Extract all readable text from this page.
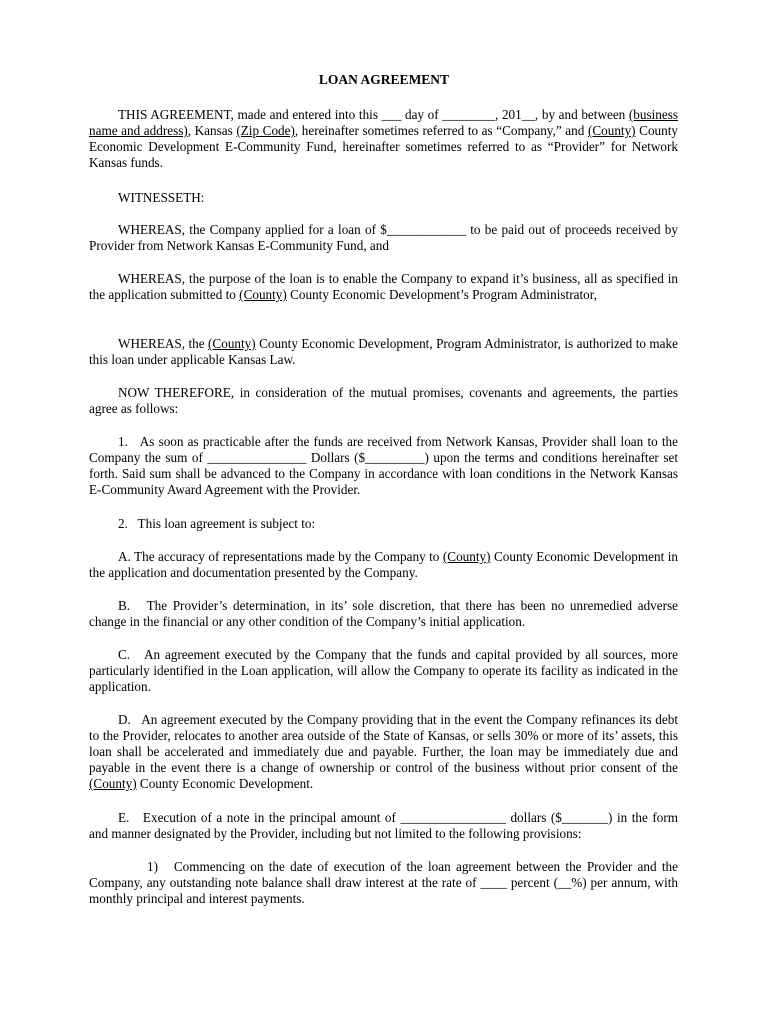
LOAN AGREEMENT
THIS AGREEMENT, made and entered into this ___ day of ________, 201__, by and between (business name and address), Kansas (Zip Code), hereinafter sometimes referred to as “Company,” and (County) County Economic Development E-Community Fund, hereinafter sometimes referred to as “Provider” for Network Kansas funds.
WITNESSETH:
WHEREAS, the Company applied for a loan of $____________ to be paid out of proceeds received by Provider from Network Kansas E-Community Fund, and
WHEREAS, the purpose of the loan is to enable the Company to expand it’s business, all as specified in the application submitted to (County) County Economic Development’s Program Administrator,
WHEREAS, the (County) County Economic Development, Program Administrator, is authorized to make this loan under applicable Kansas Law.
NOW THEREFORE, in consideration of the mutual promises, covenants and agreements, the parties agree as follows:
1.   As soon as practicable after the funds are received from Network Kansas, Provider shall loan to the Company the sum of _______________ Dollars ($_________) upon the terms and conditions hereinafter set forth. Said sum shall be advanced to the Company in accordance with loan conditions in the Network Kansas E-Community Award Agreement with the Provider.
2.   This loan agreement is subject to:
A. The accuracy of representations made by the Company to (County) County Economic Development in the application and documentation presented by the Company.
B.   The Provider’s determination, in its’ sole discretion, that there has been no unremedied adverse change in the financial or any other condition of the Company’s initial application.
C.   An agreement executed by the Company that the funds and capital provided by all sources, more particularly identified in the Loan application, will allow the Company to operate its facility as indicated in the application.
D.   An agreement executed by the Company providing that in the event the Company refinances its debt to the Provider, relocates to another area outside of the State of Kansas, or sells 30% or more of its’ assets, this loan shall be accelerated and immediately due and payable. Further, the loan may be immediately due and payable in the event there is a change of ownership or control of the business without prior consent of the (County) County Economic Development.
E.   Execution of a note in the principal amount of ________________ dollars ($_______) in the form and manner designated by the Provider, including but not limited to the following provisions:
1)   Commencing on the date of execution of the loan agreement between the Provider and the Company, any outstanding note balance shall draw interest at the rate of ____ percent (__%) per annum, with monthly principal and interest payments.
